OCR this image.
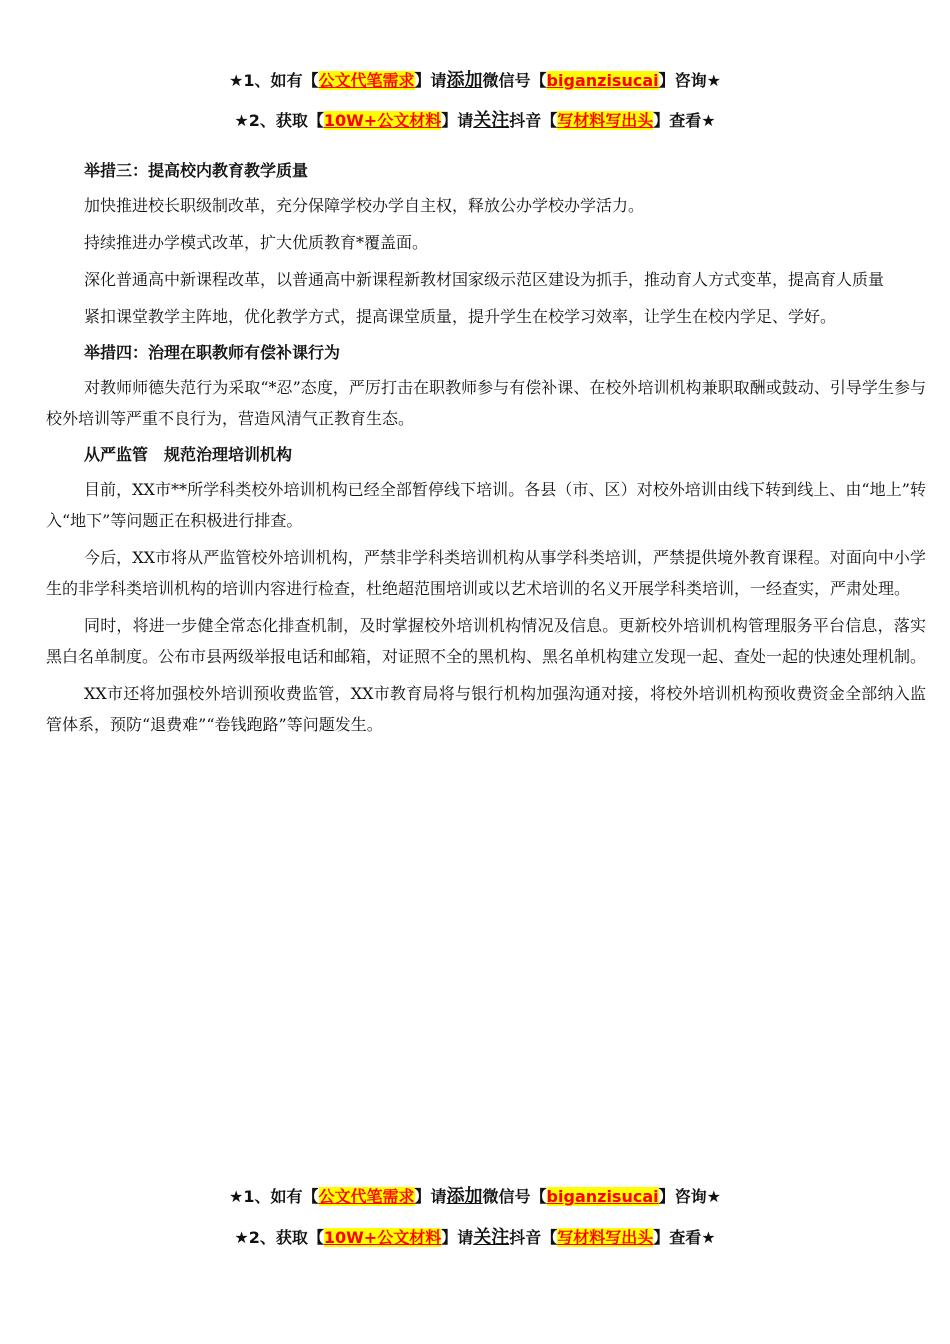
★1、如有【公文代笔需求】请添加微信号【biganzisucai】咨询★
★2、获取【10W+公文材料】请关注抖音【写材料写出头】查看★
举措三：提高校内教育教学质量

加快推进校长职级制改革，充分保障学校办学自主权，释放公办学校办学活力。

持续推进办学模式改革，扩大优质教育*覆盖面。

深化普通高中新课程改革，以普通高中新课程新教材国家级示范区建设为抓手，推动育人方式变革，提高育人质量

紧扣课堂教学主阵地，优化教学方式，提高课堂质量，提升学生在校学习效率，让学生在校内学足、学好。

举措四：治理在职教师有偿补课行为

对教师师德失范行为采取“*忍”态度，严厉打击在职教师参与有偿补课、在校外培训机构兼职取酬或鼓动、引导学生参与校外培训等严重不良行为，营造风清气正教育生态。

从严监管　规范治理培训机构

目前，XX市**所学科类校外培训机构已经全部暂停线下培训。各县（市、区）对校外培训由线下转到线上、由“地上”转入“地下”等问题正在积极进行排查。

今后，XX市将从严监管校外培训机构，严禁非学科类培训机构从事学科类培训，严禁提供境外教育课程。对面向中小学生的非学科类培训机构的培训内容进行检查，杜绝超范围培训或以艺术培训的名义开展学科类培训，一经查实，严肃处理。

同时，将进一步健全常态化排查机制，及时掌握校外培训机构情况及信息。更新校外培训机构管理服务平台信息，落实黑白名单制度。公布市县两级举报电话和邮箱，对证照不全的黑机构、黑名单机构建立发现一起、查处一起的快速处理机制。

XX市还将加强校外培训预收费监管，XX市教育局将与银行机构加强沟通对接，将校外培训机构预收费资金全部纳入监管体系，预防“退费难”“卷钱跑路”等问题发生。

★1、如有【公文代笔需求】请添加微信号【biganzisucai】咨询★
★2、获取【10W+公文材料】请关注抖音【写材料写出头】查看★
